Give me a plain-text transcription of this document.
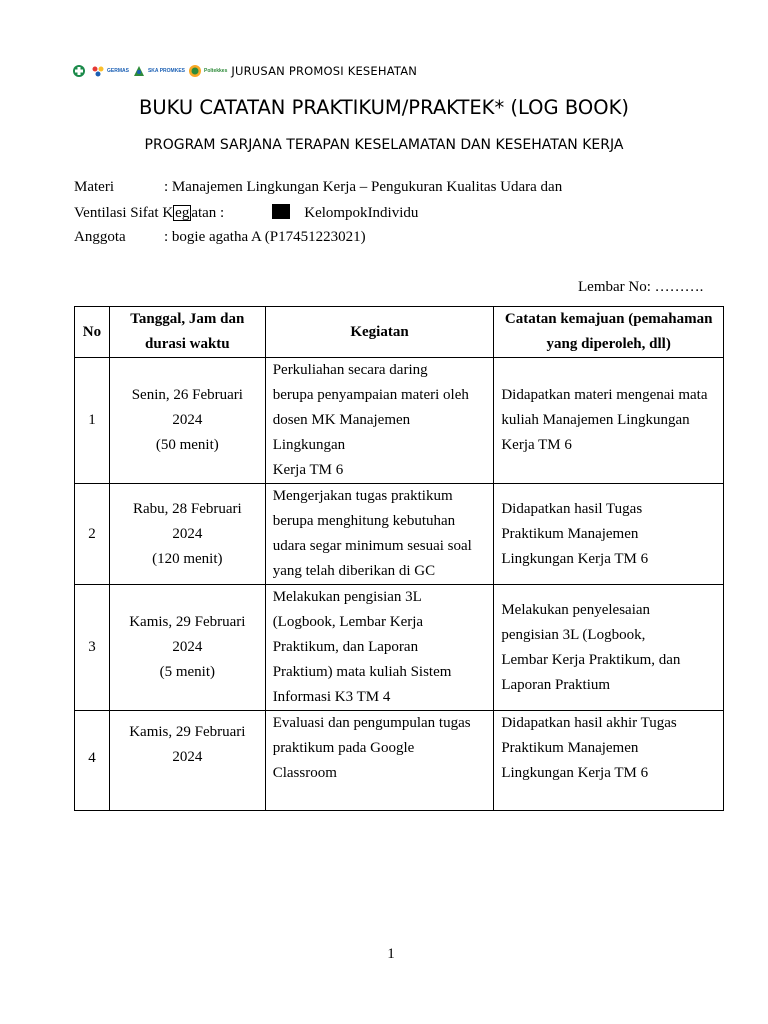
GERMAS	SKA PROMKES	Poltekkes JURUSAN PROMOSI KESEHATAN
BUKU CATATAN PRAKTIKUM/PRAKTEK* (LOG BOOK)
PROGRAM SARJANA TERAPAN KESELAMATAN DAN KESEHATAN KERJA
Materi	: Manajemen Lingkungan Kerja – Pengukuran Kualitas Udara dan
Ventilasi Sifat K eg atan :	KelompokIndividu
Anggota	: bogie agatha A (P17451223021)
Lembar No: ……….
No	Tanggal, Jam dan
durasi waktu	Kegiatan	Catatan kemajuan (pemahaman
yang diperoleh, dll)

1	Senin, 26 Februari
2024
(50 menit)	Perkuliahan secara daring
berupa penyampaian materi oleh
dosen MK Manajemen
Lingkungan
Kerja TM 6	Didapatkan materi mengenai mata
kuliah Manajemen Lingkungan
Kerja TM 6

2	Rabu, 28 Februari
2024
(120 menit)	Mengerjakan tugas praktikum
berupa menghitung kebutuhan
udara segar minimum sesuai soal
yang telah diberikan di GC	Didapatkan hasil Tugas
Praktikum Manajemen
Lingkungan Kerja TM 6

3	Kamis, 29 Februari
2024
(5 menit)	Melakukan pengisian 3L
(Logbook, Lembar Kerja
Praktikum, dan Laporan
Praktium) mata kuliah Sistem
Informasi K3 TM 4	Melakukan penyelesaian
pengisian 3L (Logbook,
Lembar Kerja Praktikum, dan
Laporan Praktium

4	Kamis, 29 Februari
2024	Evaluasi dan pengumpulan tugas
praktikum pada Google
Classroom	Didapatkan hasil akhir Tugas
Praktikum Manajemen
Lingkungan Kerja TM 6
1
